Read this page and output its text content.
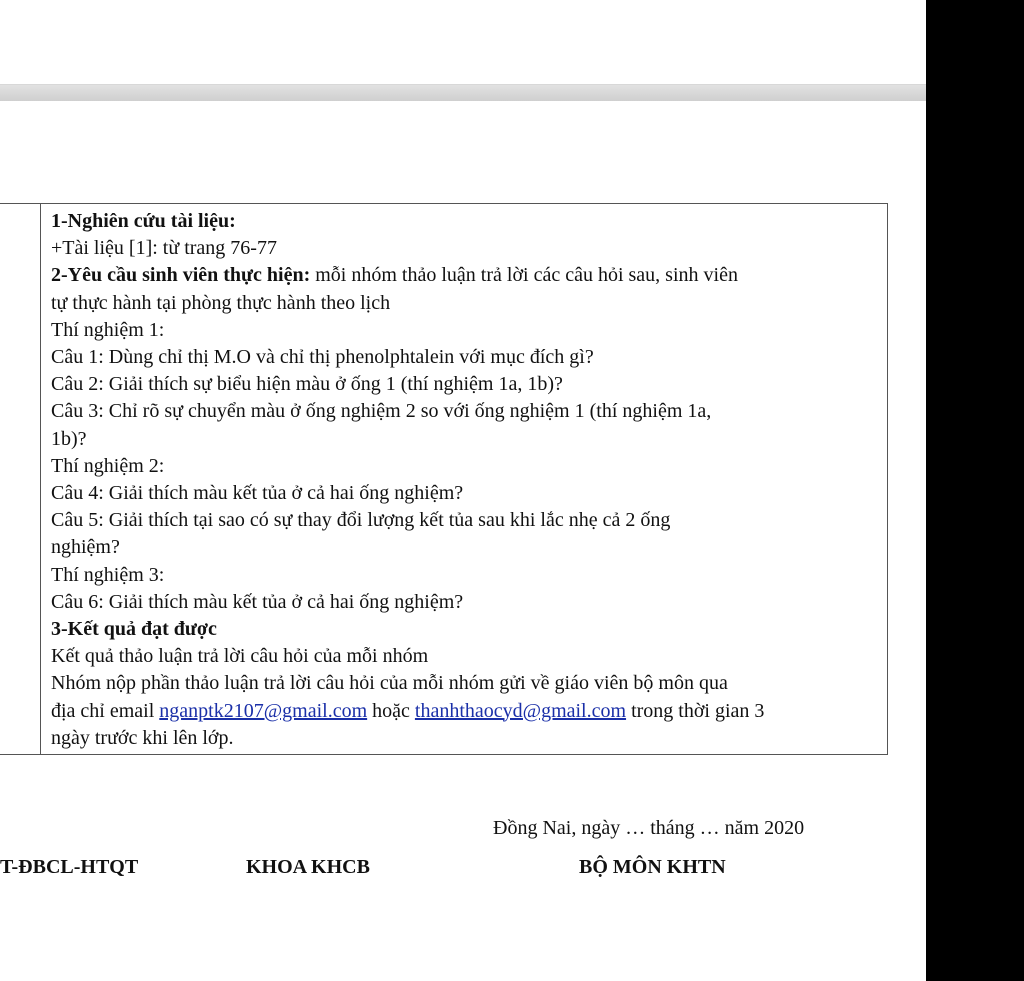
1-Nghiên cứu tài liệu:
+Tài liệu [1]: từ trang 76-77
2-Yêu cầu sinh viên thực hiện: mỗi nhóm thảo luận trả lời các câu hỏi sau, sinh viên
tự thực hành tại phòng thực hành theo lịch
Thí nghiệm 1:
Câu 1: Dùng chỉ thị M.O và chỉ thị phenolphtalein với mục đích gì?
Câu 2: Giải thích sự biểu hiện màu ở ống 1 (thí nghiệm 1a, 1b)?
Câu 3: Chỉ rõ sự chuyển màu ở ống nghiệm 2 so với ống nghiệm 1 (thí nghiệm 1a,
1b)?
Thí nghiệm 2:
Câu 4: Giải thích màu kết tủa ở cả hai ống nghiệm?
Câu 5: Giải thích tại sao có sự thay đổi lượng kết tủa sau khi lắc nhẹ cả 2 ống
nghiệm?
Thí nghiệm 3:
Câu 6: Giải thích màu kết tủa ở cả hai ống nghiệm?
3-Kết quả đạt được
Kết quả thảo luận trả lời câu hỏi của mỗi nhóm
Nhóm nộp phần thảo luận trả lời câu hỏi của mỗi nhóm gửi về giáo viên bộ môn qua
địa chỉ email nganptk2107@gmail.com hoặc thanhthaocyd@gmail.com trong thời gian 3
ngày trước khi lên lớp.
Đồng Nai, ngày … tháng … năm 2020
T-ĐBCL-HTQT	KHOA KHCB	BỘ MÔN KHTN
